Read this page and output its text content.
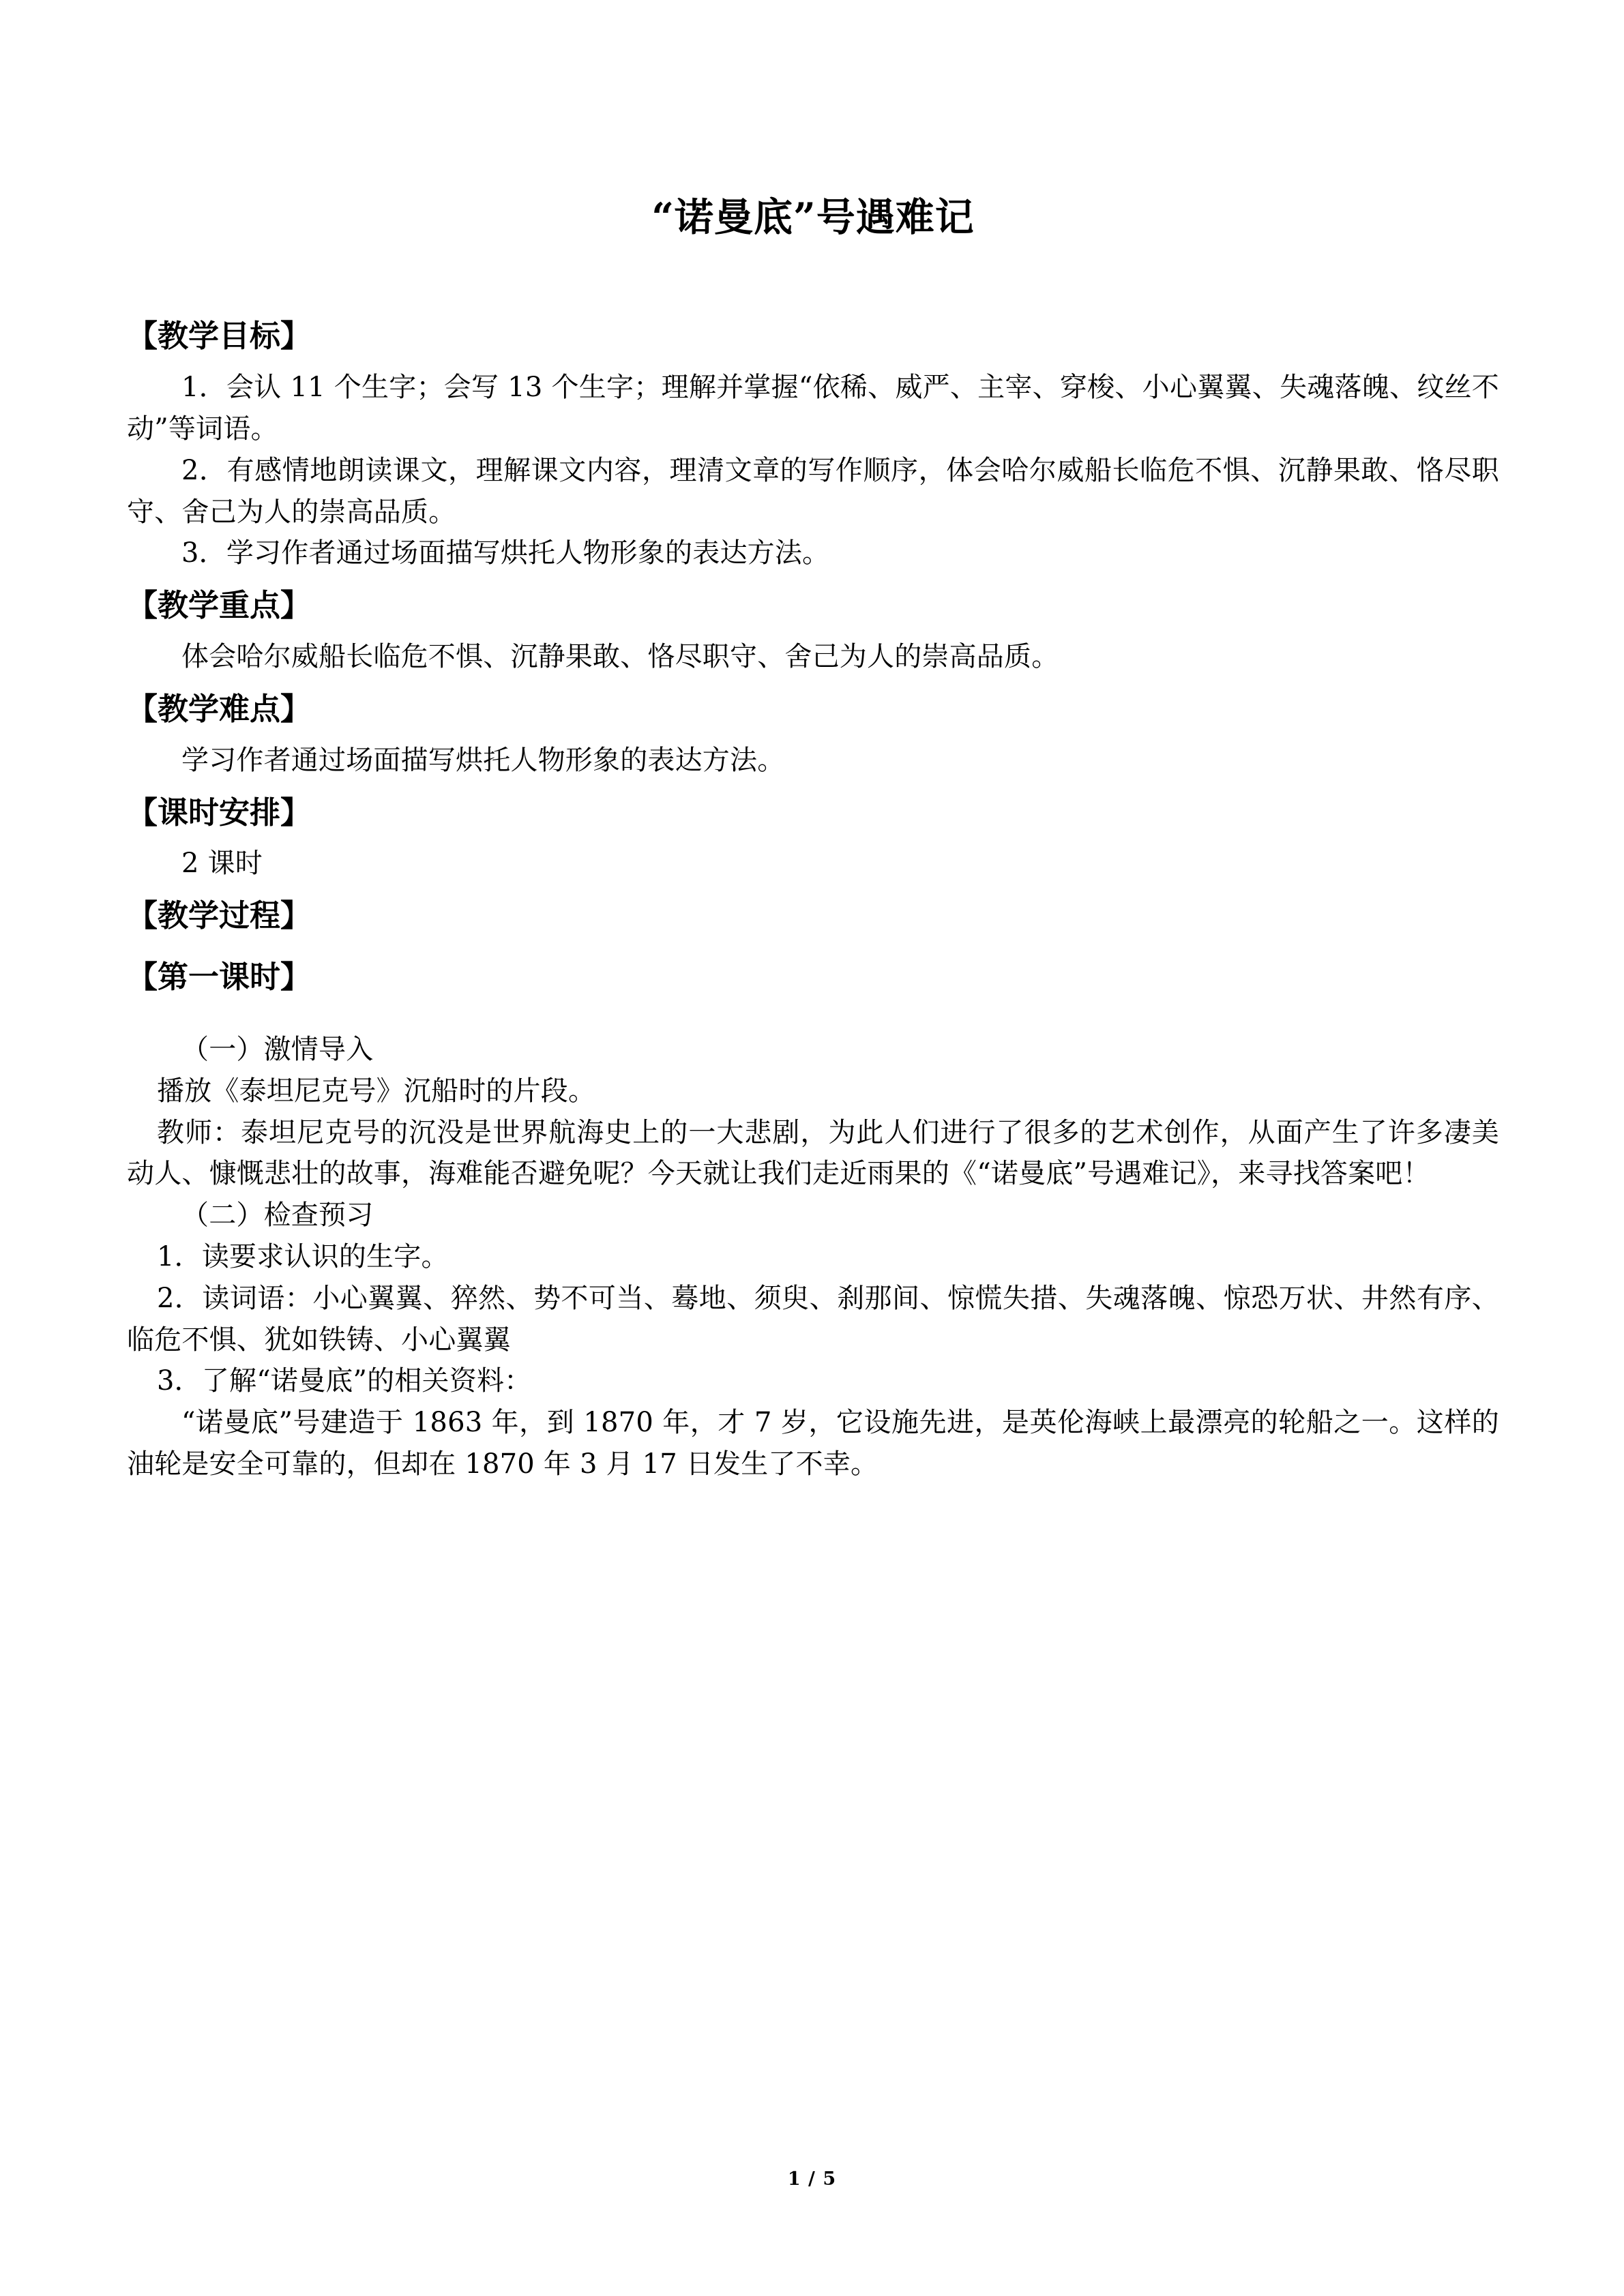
“诺曼底”号遇难记
【教学目标】

1．会认 11 个生字；会写 13 个生字；理解并掌握“依稀、威严、主宰、穿梭、小心翼翼、失魂落魄、纹丝不动”等词语。

2．有感情地朗读课文，理解课文内容，理清文章的写作顺序，体会哈尔威船长临危不惧、沉静果敢、恪尽职守、舍己为人的崇高品质。

3．学习作者通过场面描写烘托人物形象的表达方法。

【教学重点】

体会哈尔威船长临危不惧、沉静果敢、恪尽职守、舍己为人的崇高品质。

【教学难点】

学习作者通过场面描写烘托人物形象的表达方法。

【课时安排】

2 课时

【教学过程】
【第一课时】

（一）激情导入

播放《泰坦尼克号》沉船时的片段。

教师：泰坦尼克号的沉没是世界航海史上的一大悲剧，为此人们进行了很多的艺术创作，从面产生了许多凄美动人、慷慨悲壮的故事，海难能否避免呢？今天就让我们走近雨果的《“诺曼底”号遇难记》，来寻找答案吧！

（二）检查预习

1．读要求认识的生字。

2．读词语：小心翼翼、猝然、势不可当、蓦地、须臾、刹那间、惊慌失措、失魂落魄、惊恐万状、井然有序、临危不惧、犹如铁铸、小心翼翼

3．了解“诺曼底”的相关资料：

“诺曼底”号建造于 1863 年，到 1870 年，才 7 岁，它设施先进，是英伦海峡上最漂亮的轮船之一。这样的油轮是安全可靠的，但却在 1870 年 3 月 17 日发生了不幸。

1 / 5
